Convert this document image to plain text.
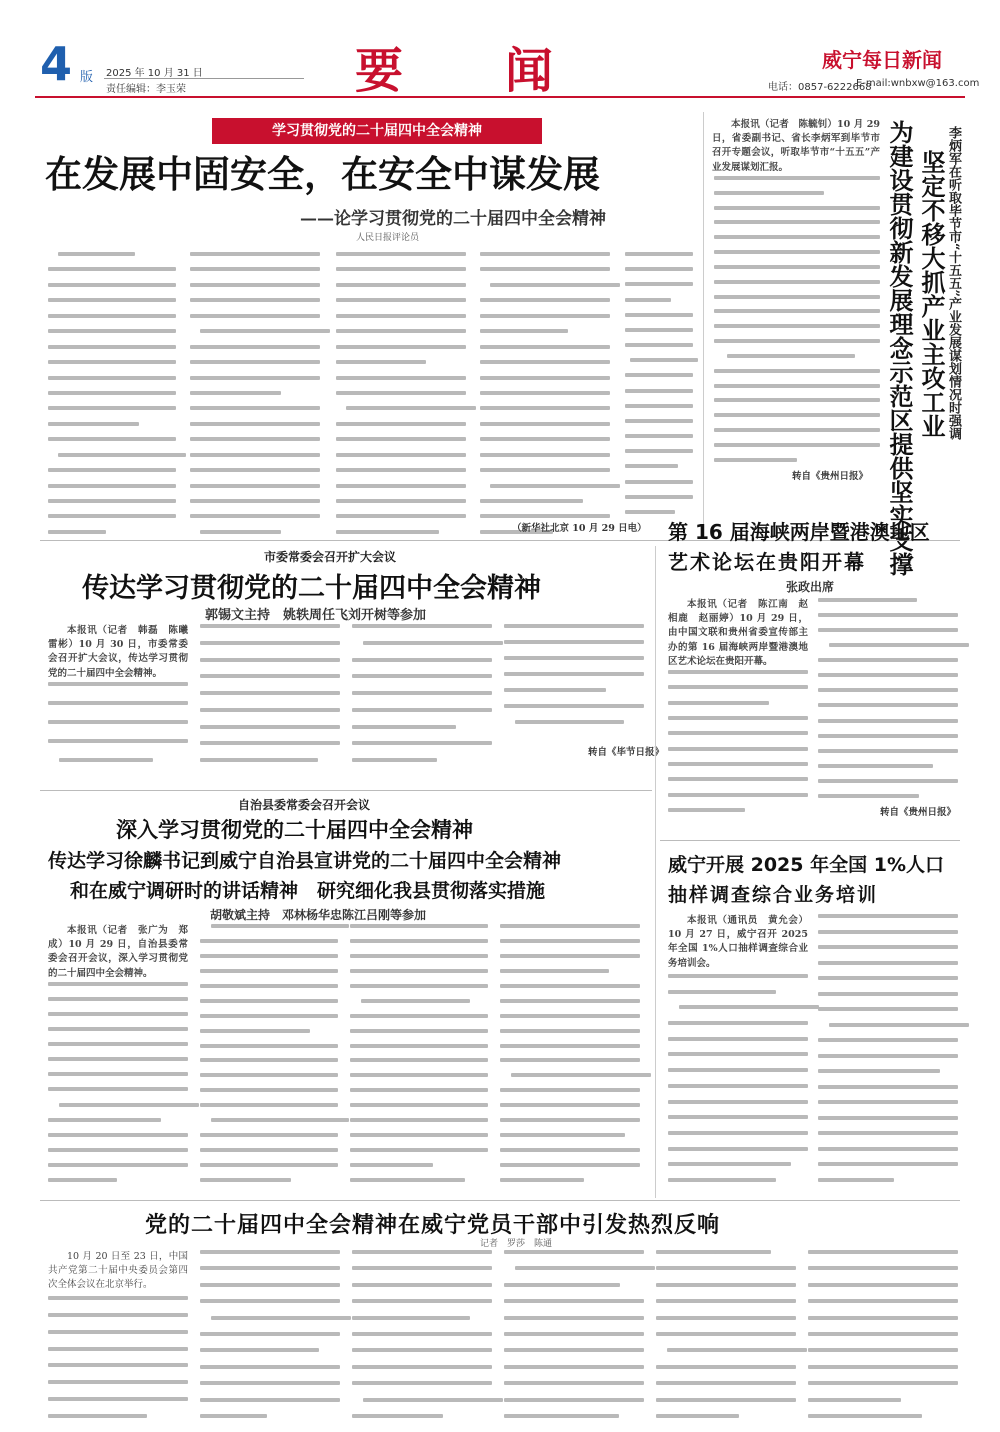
4 版 2025 年 10 月 31 日
责任编辑：李玉荣	要　　闻	威宁每日新闻
电话：0857-6222668
E-mail:wnbxw@163.com
学习贯彻党的二十届四中全会精神
在发展中固安全，在安全中谋发展
——论学习贯彻党的二十届四中全会精神
人民日报评论员
（新华社北京 10 月 29 日电）

本报讯（记者　陈毓钊）10 月 29 日，省委副书记、省长李炳军到毕节市召开专题会议，听取毕节市“十五五”产业发展谋划汇报。

转自《贵州日报》
坚定不移大抓产业主攻工业
为建设贯彻新发展理念示范区提供坚实支撑 李炳军在听取毕节市“十五五”产业发展谋划情况时强调
市委常委会召开扩大会议
传达学习贯彻党的二十届四中全会精神
郭锡文主持　姚轶周任飞刘开树等参加

本报讯（记者　韩磊　陈曦　雷彬）10 月 30 日，市委常委会召开扩大会议，传达学习贯彻党的二十届四中全会精神。

转自《毕节日报》
第 16 届海峡两岸暨港澳地区
艺术论坛在贵阳开幕
张政出席

本报讯（记者　陈江南　赵相鹿　赵丽婷）10 月 29 日，由中国文联和贵州省委宣传部主办的第 16 届海峡两岸暨港澳地区艺术论坛在贵阳开幕。

转自《贵州日报》
自治县委常委会召开会议
深入学习贯彻党的二十届四中全会精神
传达学习徐麟书记到威宁自治县宣讲党的二十届四中全会精神
和在威宁调研时的讲话精神　研究细化我县贯彻落实措施
胡敬斌主持　邓林杨华忠陈江吕刚等参加

本报讯（记者　张广为　郑成）10 月 29 日，自治县委常委会召开会议，深入学习贯彻党的二十届四中全会精神。

威宁开展 2025 年全国 1%人口
抽样调查综合业务培训

本报讯（通讯员　黄允会）10 月 27 日，威宁召开 2025 年全国 1%人口抽样调查综合业务培训会。

党的二十届四中全会精神在威宁党员干部中引发热烈反响
记者　罗莎　陈通

10 月 20 日至 23 日，中国共产党第二十届中央委员会第四次全体会议在北京举行。
